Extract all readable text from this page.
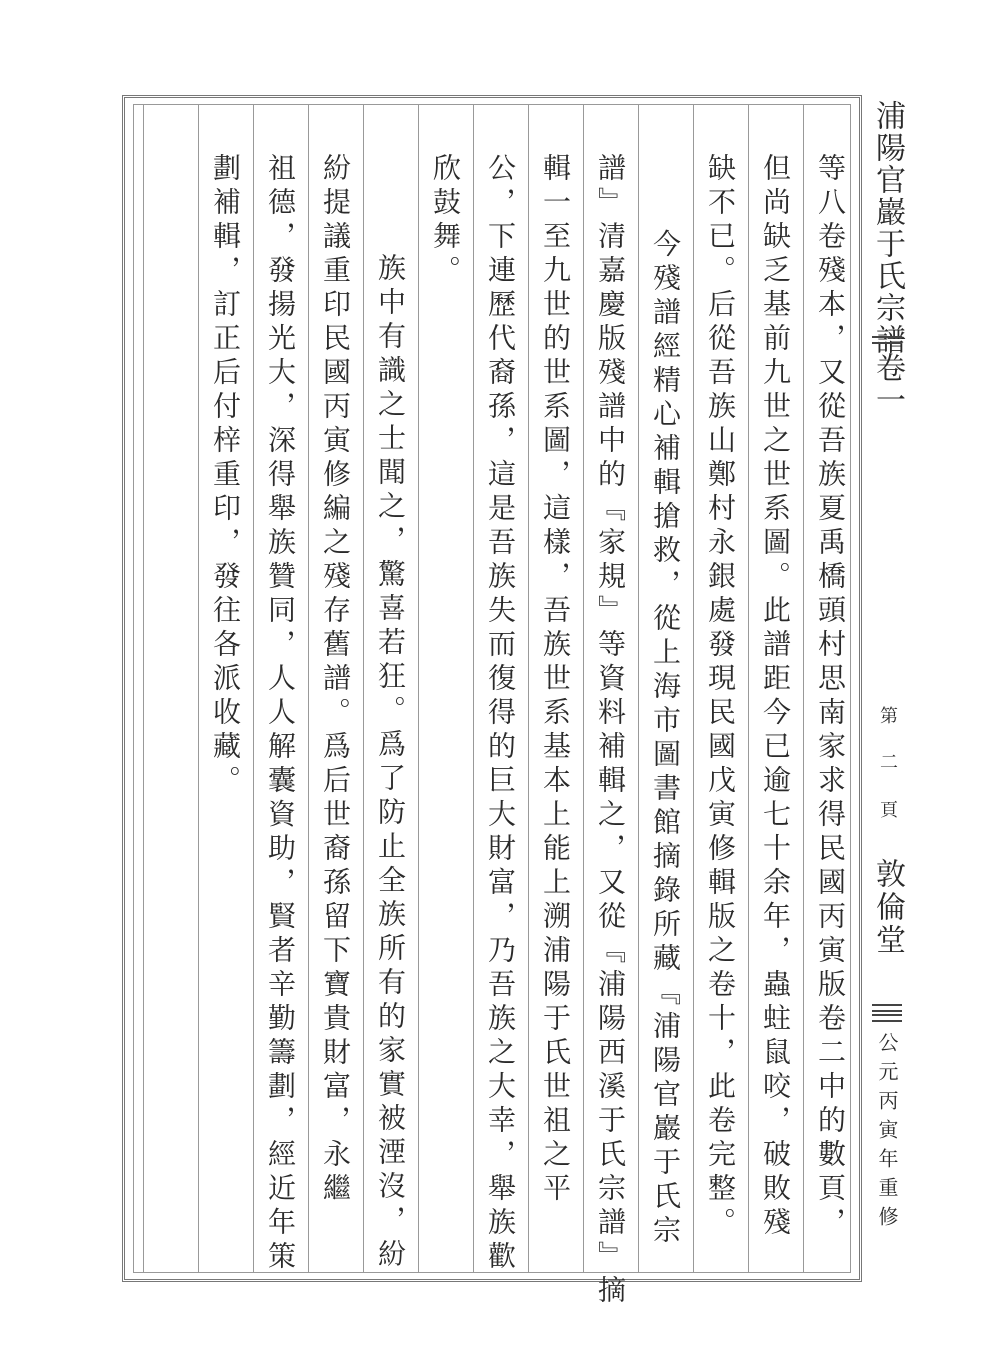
等八卷殘本，又從吾族夏禹橋頭村思南家求得民國丙寅版卷二中的數頁，
但尚缺乏基前九世之世系圖。此譜距今已逾七十余年，蟲蛀鼠咬，破敗殘
缺不已。后從吾族山鄭村永銀處發現民國戊寅修輯版之卷十，此卷完整。
今殘譜經精心補輯搶救，從上海市圖書館摘錄所藏『浦陽官巖于氏宗
譜』清嘉慶版殘譜中的『家規』等資料補輯之，又從『浦陽西溪于氏宗譜』摘
輯一至九世的世系圖，這樣，吾族世系基本上能上溯浦陽于氏世祖之平
公，下連歷代裔孫，這是吾族失而復得的巨大財富，乃吾族之大幸，舉族歡
欣鼓舞。
族中有識之士聞之，驚喜若狂。爲了防止全族所有的家實被湮沒，紛
紛提議重印民國丙寅修編之殘存舊譜。爲后世裔孫留下寶貴財富，永繼
祖德，發揚光大，深得舉族贊同，人人解囊資助，賢者辛勤籌劃，經近年策
劃補輯，訂正后付梓重印，發往各派收藏。	浦陽官巖于氏宗譜
卷一
第
二
頁
敦倫堂
公元丙寅年重修
